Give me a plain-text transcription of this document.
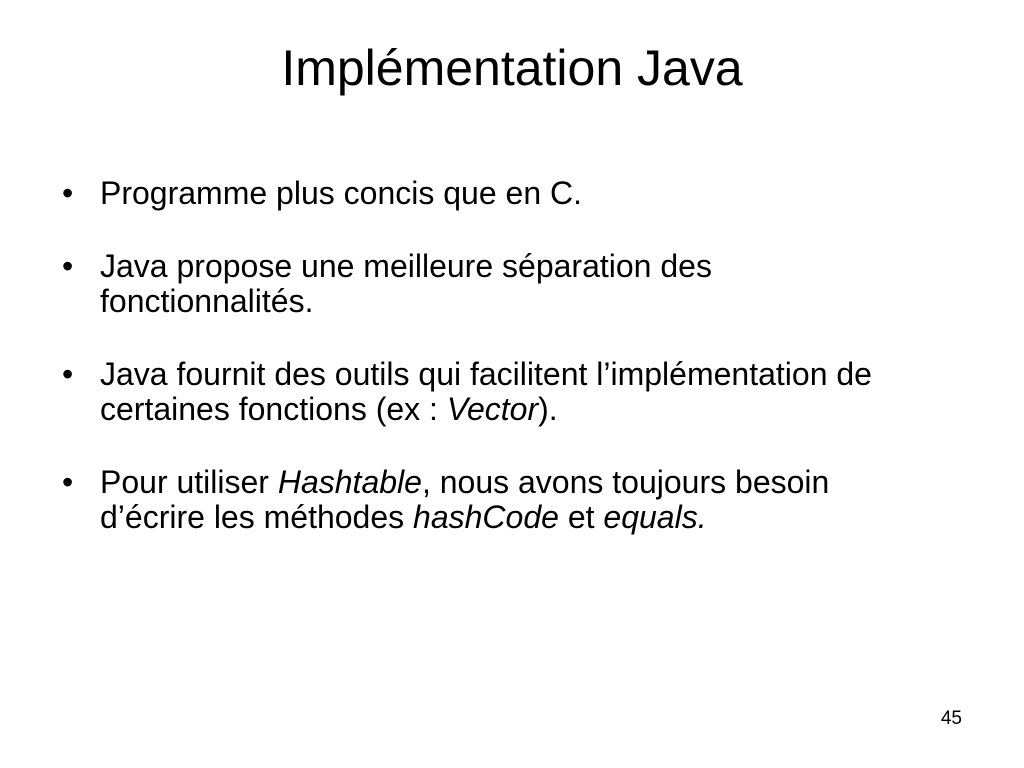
Implémentation Java
• Programme plus concis que en C.
• Java propose une meilleure séparation des fonctionnalités.
• Java fournit des outils qui facilitent l’implémentation de certaines fonctions (ex : Vector).
• Pour utiliser Hashtable, nous avons toujours besoin d’écrire les méthodes hashCode et equals.
45
